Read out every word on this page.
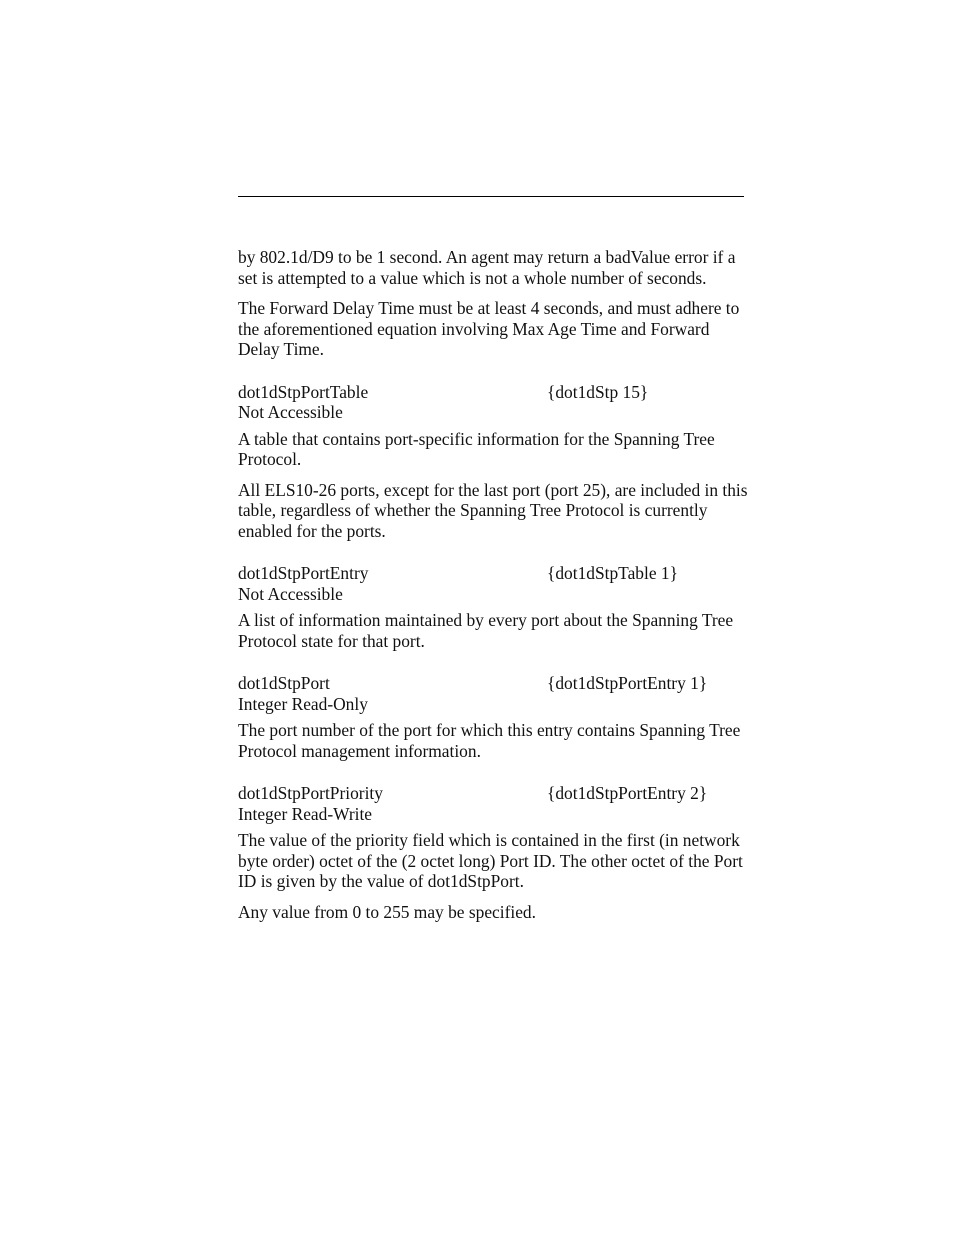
by 802.1d/D9 to be 1 second. An agent may return a badValue error if a set is attempted to a value which is not a whole number of seconds.

The Forward Delay Time must be at least 4 seconds, and must adhere to the aforementioned equation involving Max Age Time and Forward Delay Time.

dot1dStpPortTable	{dot1dStp 15}
Not Accessible

A table that contains port-specific information for the Spanning Tree Protocol.

All ELS10-26 ports, except for the last port (port 25), are included in this table, regardless of whether the Spanning Tree Protocol is currently enabled for the ports.

dot1dStpPortEntry	{dot1dStpTable 1}
Not Accessible

A list of information maintained by every port about the Spanning Tree Protocol state for that port.

dot1dStpPort	{dot1dStpPortEntry 1}
Integer Read-Only

The port number of the port for which this entry contains Spanning Tree Protocol management information.

dot1dStpPortPriority	{dot1dStpPortEntry 2}
Integer Read-Write

The value of the priority field which is contained in the first (in network byte order) octet of the (2 octet long) Port ID. The other octet of the Port ID is given by the value of dot1dStpPort.

Any value from 0 to 255 may be specified.
